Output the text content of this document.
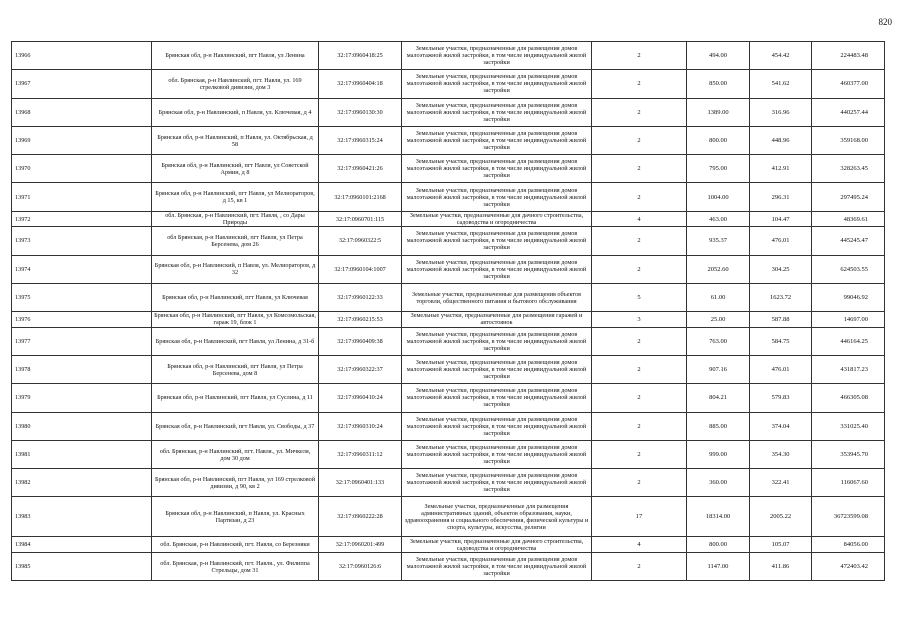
820
13966	Брянская обл, р-н Навлинский, пгт Навля, ул Ленина	32:17:0960418:25	Земельные участки, предназначенные для размещения домов малоэтажной жилой застройки, в том числе индивидуальной жилой застройки	2	494.00	454.42	224483.48
13967	обл. Брянская, р-н Навлинский, пгт. Навля, ул. 169 стрелковой дивизии, дом 3	32:17:0960404:18	Земельные участки, предназначенные для размещения домов малоэтажной жилой застройки, в том числе индивидуальной жилой застройки	2	850.00	541.62	460377.00
13968	Брянская обл, р-н Навлинский, п Навля, ул. Ключевая, д 4	32:17:0960130:30	Земельные участки, предназначенные для размещения домов малоэтажной жилой застройки, в том числе индивидуальной жилой застройки	2	1389.00	316.96	440257.44
13969	Брянская обл, р-н Навлинский, п Навля, ул. Октябрьская, д 58	32:17:0960315:24	Земельные участки, предназначенные для размещения домов малоэтажной жилой застройки, в том числе индивидуальной жилой застройки	2	800.00	448.96	359168.00
13970	Брянская обл, р-н Навлинский, пгт Навля, ул Советской Армии, д 8	32:17:0960421:26	Земельные участки, предназначенные для размещения домов малоэтажной жилой застройки, в том числе индивидуальной жилой застройки	2	795.00	412.91	328263.45
13971	Брянская обл, р-н Навлинский, пгт Навля, ул Мелиораторов, д 15, кв 1	32:17:0960101:2168	Земельные участки, предназначенные для размещения домов малоэтажной жилой застройки, в том числе индивидуальной жилой застройки	2	1004.00	296.31	297495.24
13972	обл. Брянская, р-н Навлинский, пгт. Навля, , со Дары Природы	32:17:0960701:115	Земельные участки, предназначенные для дачного строительства, садоводства и огородничества	4	463.00	104.47	48369.61
13973	обл Брянская, р-н Навлинский, пгт Навля, ул Петра Берсенева, дом 26	32:17:0960322:5	Земельные участки, предназначенные для размещения домов малоэтажной жилой застройки, в том числе индивидуальной жилой застройки	2	935.37	476.01	445245.47
13974	Брянская обл, р-н Навлинский, п Навля, ул. Мелиораторов, д 32	32:17:0960104:1007	Земельные участки, предназначенные для размещения домов малоэтажной жилой застройки, в том числе индивидуальной жилой застройки	2	2052.60	304.25	624503.55
13975	Брянская обл, р-н Навлинский, пгт Навля, ул Ключевая	32:17:0960122:33	Земельные участки, предназначенные для размещения объектов торговли, общественного питания и бытового обслуживания	5	61.00	1623.72	99046.92
13976	Брянская обл, р-н Навлинский, пгт Навля, ул Комсомольская, гараж 19, блок 1	32:17:0960215:53	Земельные участки, предназначенные для размещения гаражей и автостоянок	3	25.00	587.88	14697.00
13977	Брянская обл, р-н Навлинский, пгт Навля, ул Ленина, д 31-б	32:17:0960409:38	Земельные участки, предназначенные для размещения домов малоэтажной жилой застройки, в том числе индивидуальной жилой застройки	2	763.00	584.75	446164.25
13978	Брянская обл, р-н Навлинский, пгт Навля, ул Петра Берсенева, дом 8	32:17:0960322:37	Земельные участки, предназначенные для размещения домов малоэтажной жилой застройки, в том числе индивидуальной жилой застройки	2	907.16	476.01	431817.23
13979	Брянская обл, р-н Навлинский, пгт Навля, ул Суслина, д 11	32:17:0960410:24	Земельные участки, предназначенные для размещения домов малоэтажной жилой застройки, в том числе индивидуальной жилой застройки	2	804.21	579.83	466305.08
13980	Брянская обл, р-н Навлинский, пгт Навля, ул. Свободы, д 37	32:17:0960310:24	Земельные участки, предназначенные для размещения домов малоэтажной жилой застройки, в том числе индивидуальной жилой застройки	2	885.00	374.04	331025.40
13981	обл. Брянская, р-н Навлинский, пгт. Навля., ул. Мичкеля, дом 30 дом	32:17:0960311:12	Земельные участки, предназначенные для размещения домов малоэтажной жилой застройки, в том числе индивидуальной жилой застройки	2	999.00	354.30	353945.70
13982	Брянская обл, р-н Навлинский, пгт Навля, ул 169 стрелковой дивизии, д 90, кв 2	32:17:0960401:133	Земельные участки, предназначенные для размещения домов малоэтажной жилой застройки, в том числе индивидуальной жилой застройки	2	360.00	322.41	116067.60
13983	Брянская обл, р-н Навлинский, п Навля, ул. Красных Партизан, д 23	32:17:0960222:28	Земельные участки, предназначенные для размещения административных зданий, объектов образования, науки, здравоохранения и социального обеспечения, физической культуры и спорта, культуры, искусства, религии	17	18314.00	2005.22	36723599.08
13984	обл. Брянская, р-н Навлинский, пгт. Навля, со Березняки	32:17:0960201:499	Земельные участки, предназначенные для дачного строительства, садоводства и огородничества	4	800.00	105.07	84056.00
13985	обл. Брянская, р-н Навлинский, пгт. Навля., ул. Филиппа Стрельцы, дом 31	32:17:0960126:6	Земельные участки, предназначенные для размещения домов малоэтажной жилой застройки, в том числе индивидуальной жилой застройки	2	1147.00	411.86	472403.42
